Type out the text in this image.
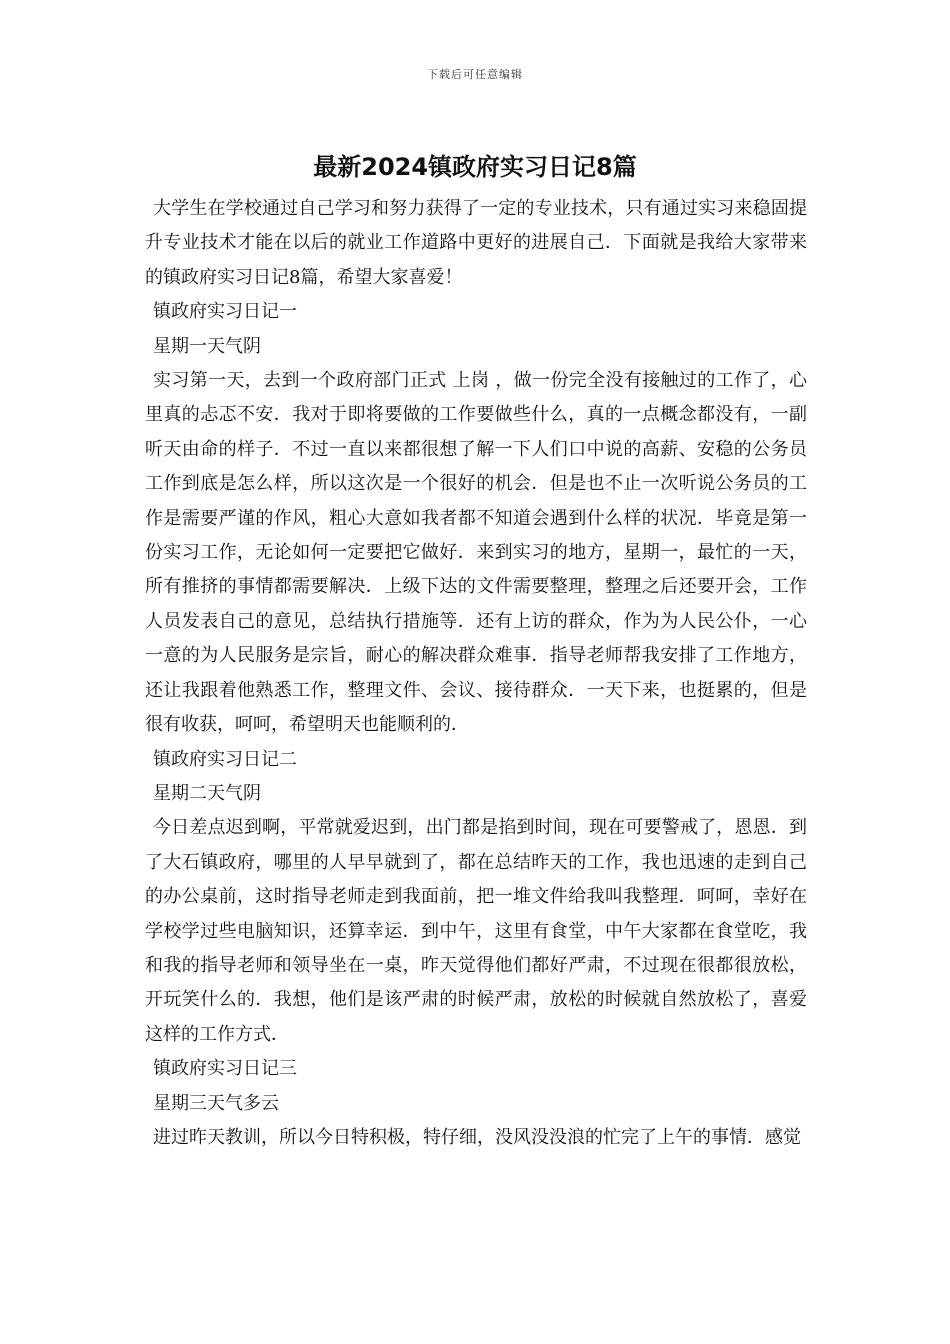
下载后可任意编辑
最新2024镇政府实习日记8篇

大学生在学校通过自己学习和努力获得了一定的专业技术，只有通过实习来稳固提升专业技术才能在以后的就业工作道路中更好的进展自己．下面就是我给大家带来的镇政府实习日记8篇，希望大家喜爱！

镇政府实习日记一

星期一天气阴

实习第一天，去到一个政府部门正式 上岗 ，做一份完全没有接触过的工作了，心里真的忐忑不安．我对于即将要做的工作要做些什么，真的一点概念都没有，一副听天由命的样子．不过一直以来都很想了解一下人们口中说的高薪、安稳的公务员工作到底是怎么样，所以这次是一个很好的机会．但是也不止一次听说公务员的工作是需要严谨的作风，粗心大意如我者都不知道会遇到什么样的状况．毕竟是第一份实习工作，无论如何一定要把它做好．来到实习的地方，星期一，最忙的一天，所有推挤的事情都需要解决．上级下达的文件需要整理，整理之后还要开会，工作人员发表自己的意见，总结执行措施等．还有上访的群众，作为为人民公仆，一心一意的为人民服务是宗旨，耐心的解决群众难事．指导老师帮我安排了工作地方，还让我跟着他熟悉工作，整理文件、会议、接待群众．一天下来，也挺累的，但是很有收获，呵呵，希望明天也能顺利的．

镇政府实习日记二

星期二天气阴

今日差点迟到啊，平常就爱迟到，出门都是掐到时间，现在可要警戒了，恩恩．到了大石镇政府，哪里的人早早就到了，都在总结昨天的工作，我也迅速的走到自己的办公桌前，这时指导老师走到我面前，把一堆文件给我叫我整理．呵呵，幸好在学校学过些电脑知识，还算幸运．到中午，这里有食堂，中午大家都在食堂吃，我和我的指导老师和领导坐在一桌，昨天觉得他们都好严肃，不过现在很都很放松，开玩笑什么的．我想，他们是该严肃的时候严肃，放松的时候就自然放松了，喜爱这样的工作方式．

镇政府实习日记三

星期三天气多云

进过昨天教训，所以今日特积极，特仔细，没风没没浪的忙完了上午的事情．感觉
